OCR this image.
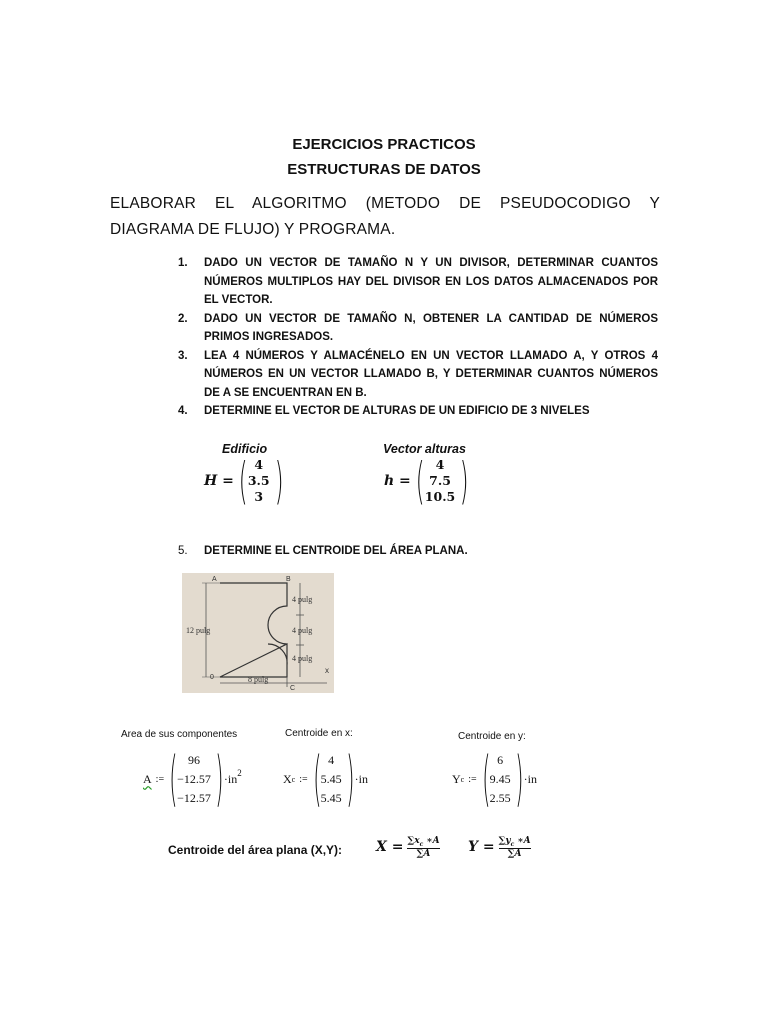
EJERCICIOS PRACTICOS
ESTRUCTURAS DE DATOS
ELABORAR EL ALGORITMO (METODO DE PSEUDOCODIGO Y DIAGRAMA DE FLUJO) Y PROGRAMA.
1. DADO UN VECTOR DE TAMAÑO N Y UN DIVISOR, DETERMINAR CUANTOS NÚMEROS MULTIPLOS HAY DEL DIVISOR EN LOS DATOS ALMACENADOS POR EL VECTOR.
2. DADO UN VECTOR DE TAMAÑO N, OBTENER LA CANTIDAD DE NÚMEROS PRIMOS INGRESADOS.
3. LEA 4 NÚMEROS Y ALMACÉNELO EN UN VECTOR LLAMADO A, Y OTROS 4 NÚMEROS EN UN VECTOR LLAMADO B, Y DETERMINAR CUANTOS NÚMEROS DE A SE ENCUENTRAN EN B.
4. DETERMINE EL VECTOR DE ALTURAS DE UN EDIFICIO DE 3 NIVELES
Edificio
H = ( 4
3.5
3 )
Vector alturas
h = ( 4
7.5
10.5 )
5. DETERMINE EL CENTROIDE DEL ÁREA PLANA.
A	B
0
C
x
12 pulg
4 pulg
4 pulg
4 pulg
8 pulg
Area de sus componentes	Centroide en x:	Centroide en y:
A := ( 96
−12.57
−12.57 ) · $in^2$	X c := ( 4
5.45
5.45 ) · in	Y c := ( 6
9.45
2.55 ) · in
Centroide del área plana (X,Y): $X = \frac{\sum x_c ∗A}{\sum A}$ $Y = \frac{\sum y_c ∗A}{\sum A}$
